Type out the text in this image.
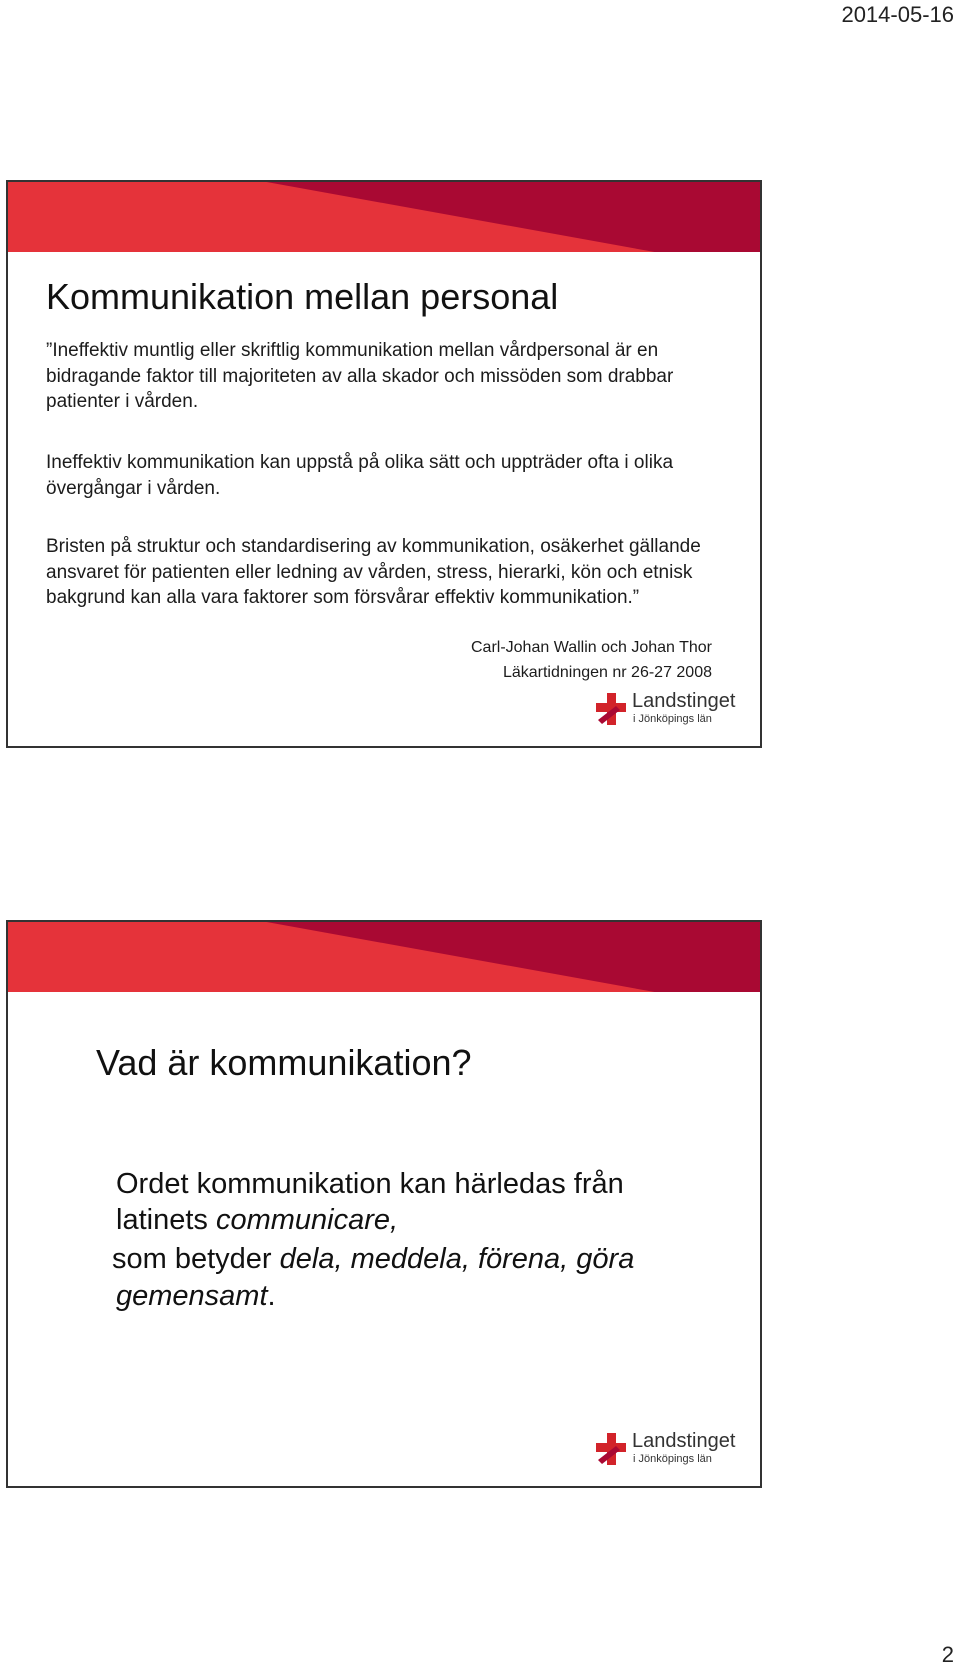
2014-05-16
Kommunikation mellan personal

”Ineffektiv muntlig eller skriftlig kommunikation mellan vårdpersonal är en bidragande faktor till majoriteten av alla skador och missöden som drabbar patienter i vården.

Ineffektiv kommunikation kan uppstå på olika sätt och uppträder ofta i olika övergångar i vården.

Bristen på struktur och standardisering av kommunikation, osäkerhet gällande ansvaret för patienten eller ledning av vården, stress, hierarki, kön och etnisk bakgrund kan alla vara faktorer som försvårar effektiv kommunikation.”

Carl-Johan Wallin och Johan Thor

Läkartidningen nr 26-27 2008

Landstinget
i Jönköpings län
Vad är kommunikation?

Ordet kommunikation kan härledas från

latinets communicare,

som betyder dela, meddela, förena, göra

gemensamt.

Landstinget
i Jönköpings län
2
